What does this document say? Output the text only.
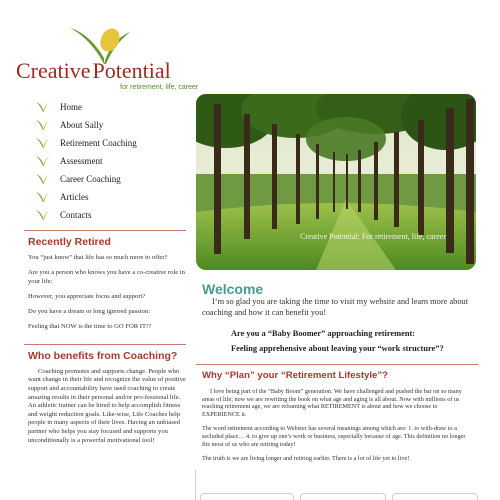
CreativePotential
for retirement, life, career
Home
About Sally
Retirement Coaching
Assessment
Career Coaching
Articles
Contacts
Recently Retired

You “just know” that life has so much more to offer?

Are you a person who knows you have a co-creative role in your life:

However, you appreciate focus and support?

Do you have a dream or long ignored passion:

Feeling that NOW is the time to GO FOR IT!?

Who benefits from Coaching?

Coaching promotes and supports change. People who want change in their life and recognize the value of positive support and accountability have used coaching to create amazing results in their personal and/or pro-fessional life. An athletic trainer can be hired to help accomplish fitness and weight reduction goals. Like-wise, Life Coaches help people in many aspects of their lives. Having an unbiased partner who helps you stay focused and supports you unconditionally is a powerful motivational tool!

Creative Potential: For retirement, life, career
Welcome

I’m so glad you are taking the time to visit my website and learn more about coaching and how it can benefit you!

Are you a “Baby Boomer” approaching retirement:

Feeling apprehensive about leaving your “work structure”?

Why “Plan” your “Retirement Lifestyle”?

I love being part of the “Baby Boom” generation. We have challenged and pushed the bar on so many areas of life; now we are rewriting the book on what age and aging is all about. Now with millions of us reaching retirement age, we are reframing what RETIREMENT is about and how we choose to EXPERIENCE it.

The word retirement according to Webster has several meanings among which are: 1. to with-draw to a secluded place… 4. to give up one’s work or business, especially because of age. This definition no longer fits most of us who are retiring today!

The truth is we are living longer and retiring earlier. There is a lot of life yet to live!
